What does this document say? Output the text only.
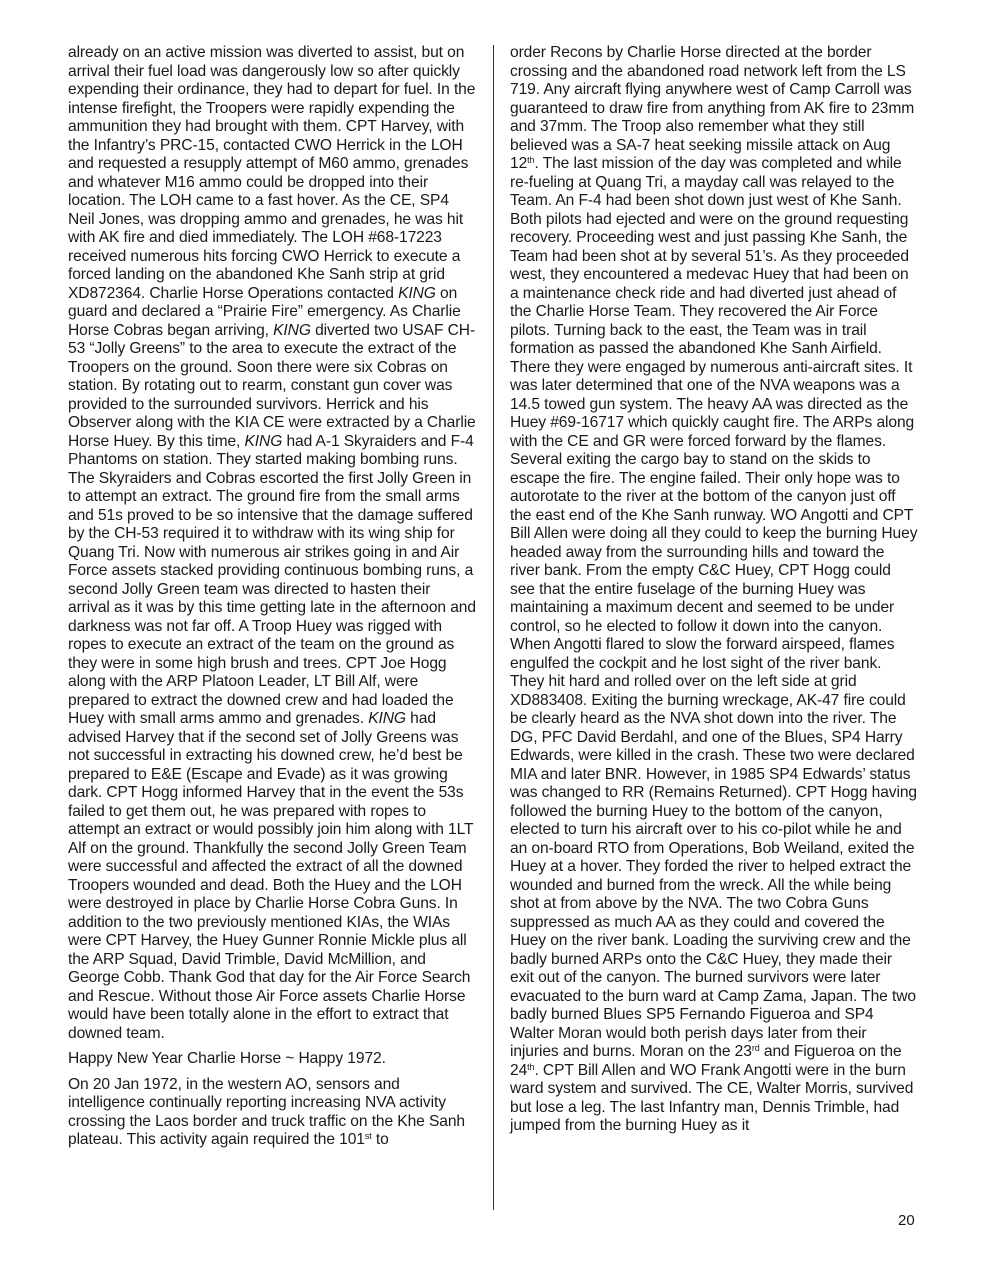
already on an active mission was diverted to assist, but on arrival their fuel load was dangerously low so after quickly expending their ordinance, they had to depart for fuel. In the intense firefight, the Troopers were rapidly expending the ammunition they had brought with them. CPT Harvey, with the Infantry’s PRC-15, contacted CWO Herrick in the LOH and requested a resupply attempt of M60 ammo, grenades and whatever M16 ammo could be dropped into their location. The LOH came to a fast hover. As the CE, SP4 Neil Jones, was dropping ammo and grenades, he was hit with AK fire and died immediately. The LOH #68-17223 received numerous hits forcing CWO Herrick to execute a forced landing on the abandoned Khe Sanh strip at grid XD872364. Charlie Horse Operations contacted KING on guard and declared a “Prairie Fire” emergency. As Charlie Horse Cobras began arriving, KING diverted two USAF CH-53 “Jolly Greens” to the area to execute the extract of the Troopers on the ground. Soon there were six Cobras on station. By rotating out to rearm, constant gun cover was provided to the surrounded survivors. Herrick and his Observer along with the KIA CE were extracted by a Charlie Horse Huey. By this time, KING had A-1 Skyraiders and F-4 Phantoms on station. They started making bombing runs. The Skyraiders and Cobras escorted the first Jolly Green in to attempt an extract. The ground fire from the small arms and 51s proved to be so intensive that the damage suffered by the CH-53 required it to withdraw with its wing ship for Quang Tri. Now with numerous air strikes going in and Air Force assets stacked providing continuous bombing runs, a second Jolly Green team was directed to hasten their arrival as it was by this time getting late in the afternoon and darkness was not far off. A Troop Huey was rigged with ropes to execute an extract of the team on the ground as they were in some high brush and trees. CPT Joe Hogg along with the ARP Platoon Leader, LT Bill Alf, were prepared to extract the downed crew and had loaded the Huey with small arms ammo and grenades. KING had advised Harvey that if the second set of Jolly Greens was not successful in extracting his downed crew, he’d best be prepared to E&E (Escape and Evade) as it was growing dark. CPT Hogg informed Harvey that in the event the 53s failed to get them out, he was prepared with ropes to attempt an extract or would possibly join him along with 1LT Alf on the ground. Thankfully the second Jolly Green Team were successful and affected the extract of all the downed Troopers wounded and dead. Both the Huey and the LOH were destroyed in place by Charlie Horse Cobra Guns. In addition to the two previously mentioned KIAs, the WIAs were CPT Harvey, the Huey Gunner Ronnie Mickle plus all the ARP Squad, David Trimble, David McMillion, and George Cobb. Thank God that day for the Air Force Search and Rescue. Without those Air Force assets Charlie Horse would have been totally alone in the effort to extract that downed team.

Happy New Year Charlie Horse ~ Happy 1972.

On 20 Jan 1972, in the western AO, sensors and intelligence continually reporting increasing NVA activity crossing the Laos border and truck traffic on the Khe Sanh plateau. This activity again required the 101st to

order Recons by Charlie Horse directed at the border crossing and the abandoned road network left from the LS 719. Any aircraft flying anywhere west of Camp Carroll was guaranteed to draw fire from anything from AK fire to 23mm and 37mm. The Troop also remember what they still believed was a SA-7 heat seeking missile attack on Aug 12th. The last mission of the day was completed and while re-fueling at Quang Tri, a mayday call was relayed to the Team. An F-4 had been shot down just west of Khe Sanh. Both pilots had ejected and were on the ground requesting recovery. Proceeding west and just passing Khe Sanh, the Team had been shot at by several 51’s. As they proceeded west, they encountered a medevac Huey that had been on a maintenance check ride and had diverted just ahead of the Charlie Horse Team. They recovered the Air Force pilots. Turning back to the east, the Team was in trail formation as passed the abandoned Khe Sanh Airfield. There they were engaged by numerous anti-aircraft sites. It was later determined that one of the NVA weapons was a 14.5 towed gun system. The heavy AA was directed as the Huey #69-16717 which quickly caught fire. The ARPs along with the CE and GR were forced forward by the flames. Several exiting the cargo bay to stand on the skids to escape the fire. The engine failed. Their only hope was to autorotate to the river at the bottom of the canyon just off the east end of the Khe Sanh runway. WO Angotti and CPT Bill Allen were doing all they could to keep the burning Huey headed away from the surrounding hills and toward the river bank. From the empty C&C Huey, CPT Hogg could see that the entire fuselage of the burning Huey was maintaining a maximum decent and seemed to be under control, so he elected to follow it down into the canyon. When Angotti flared to slow the forward airspeed, flames engulfed the cockpit and he lost sight of the river bank. They hit hard and rolled over on the left side at grid XD883408. Exiting the burning wreckage, AK-47 fire could be clearly heard as the NVA shot down into the river. The DG, PFC David Berdahl, and one of the Blues, SP4 Harry Edwards, were killed in the crash. These two were declared MIA and later BNR. However, in 1985 SP4 Edwards’ status was changed to RR (Remains Returned). CPT Hogg having followed the burning Huey to the bottom of the canyon, elected to turn his aircraft over to his co-pilot while he and an on-board RTO from Operations, Bob Weiland, exited the Huey at a hover. They forded the river to helped extract the wounded and burned from the wreck. All the while being shot at from above by the NVA. The two Cobra Guns suppressed as much AA as they could and covered the Huey on the river bank. Loading the surviving crew and the badly burned ARPs onto the C&C Huey, they made their exit out of the canyon. The burned survivors were later evacuated to the burn ward at Camp Zama, Japan. The two badly burned Blues SP5 Fernando Figueroa and SP4 Walter Moran would both perish days later from their injuries and burns. Moran on the 23rd and Figueroa on the 24th. CPT Bill Allen and WO Frank Angotti were in the burn ward system and survived. The CE, Walter Morris, survived but lose a leg. The last Infantry man, Dennis Trimble, had jumped from the burning Huey as it

20
